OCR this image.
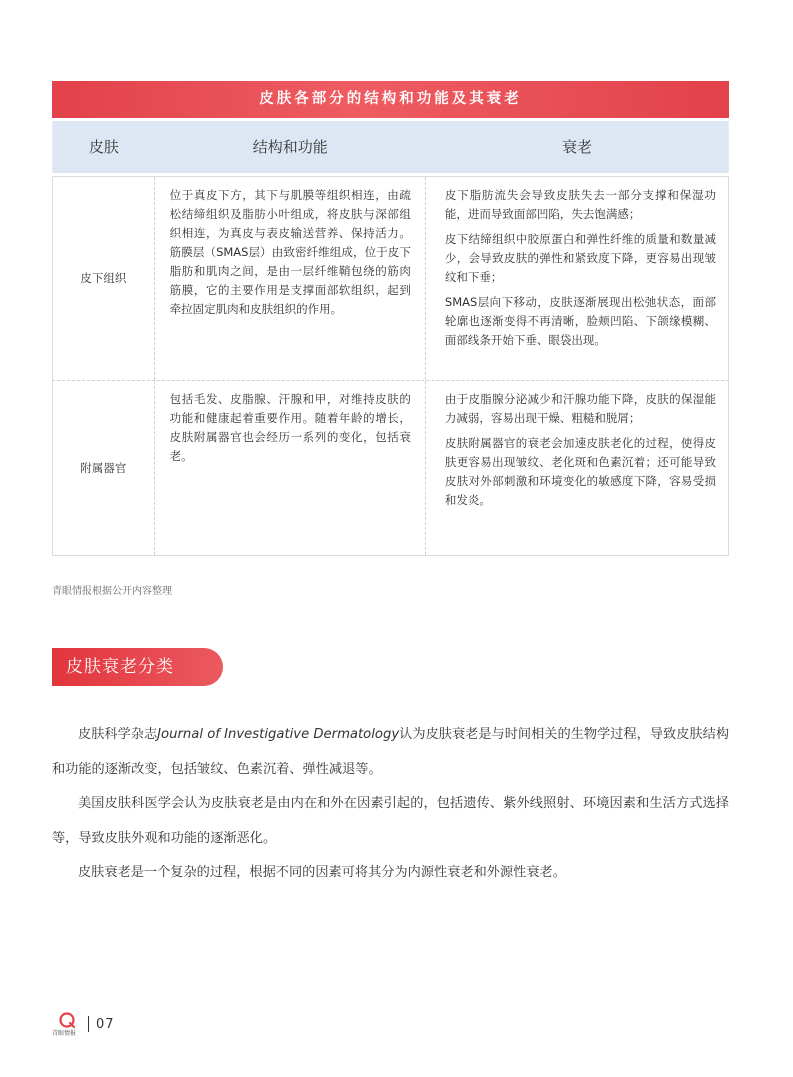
皮肤各部分的结构和功能及其衰老
皮肤	结构和功能	衰老
皮下组织
位于真皮下方，其下与肌膜等组织相连，由疏松结缔组织及脂肪小叶组成，将皮肤与深部组织相连，为真皮与表皮输送营养、保持活力。筋膜层（SMAS层）由致密纤维组成，位于皮下脂肪和肌肉之间，是由一层纤维鞘包绕的筋肉筋膜，它的主要作用是支撑面部软组织，起到牵拉固定肌肉和皮肤组织的作用。

皮下脂肪流失会导致皮肤失去一部分支撑和保湿功能，进而导致面部凹陷，失去饱满感；

皮下结缔组织中胶原蛋白和弹性纤维的质量和数量减少，会导致皮肤的弹性和紧致度下降，更容易出现皱纹和下垂；

SMAS层向下移动，皮肤逐渐展现出松弛状态，面部轮廓也逐渐变得不再清晰，脸颊凹陷、下颌缘模糊、面部线条开始下垂、眼袋出现。

附属器官
包括毛发、皮脂腺、汗腺和甲，对维持皮肤的功能和健康起着重要作用。随着年龄的增长，皮肤附属器官也会经历一系列的变化，包括衰老。

由于皮脂腺分泌减少和汗腺功能下降，皮肤的保湿能力减弱，容易出现干燥、粗糙和脱屑；

皮肤附属器官的衰老会加速皮肤老化的过程，使得皮肤更容易出现皱纹、老化斑和色素沉着；还可能导致皮肤对外部刺激和环境变化的敏感度下降，容易受损和发炎。

青眼情报根据公开内容整理
皮肤衰老分类

皮肤科学杂志Journal of Investigative Dermatology认为皮肤衰老是与时间相关的生物学过程，导致皮肤结构和功能的逐渐改变，包括皱纹、色素沉着、弹性减退等。

美国皮肤科医学会认为皮肤衰老是由内在和外在因素引起的，包括遗传、紫外线照射、环境因素和生活方式选择等，导致皮肤外观和功能的逐渐恶化。

皮肤衰老是一个复杂的过程，根据不同的因素可将其分为内源性衰老和外源性衰老。

青眼情报
07
